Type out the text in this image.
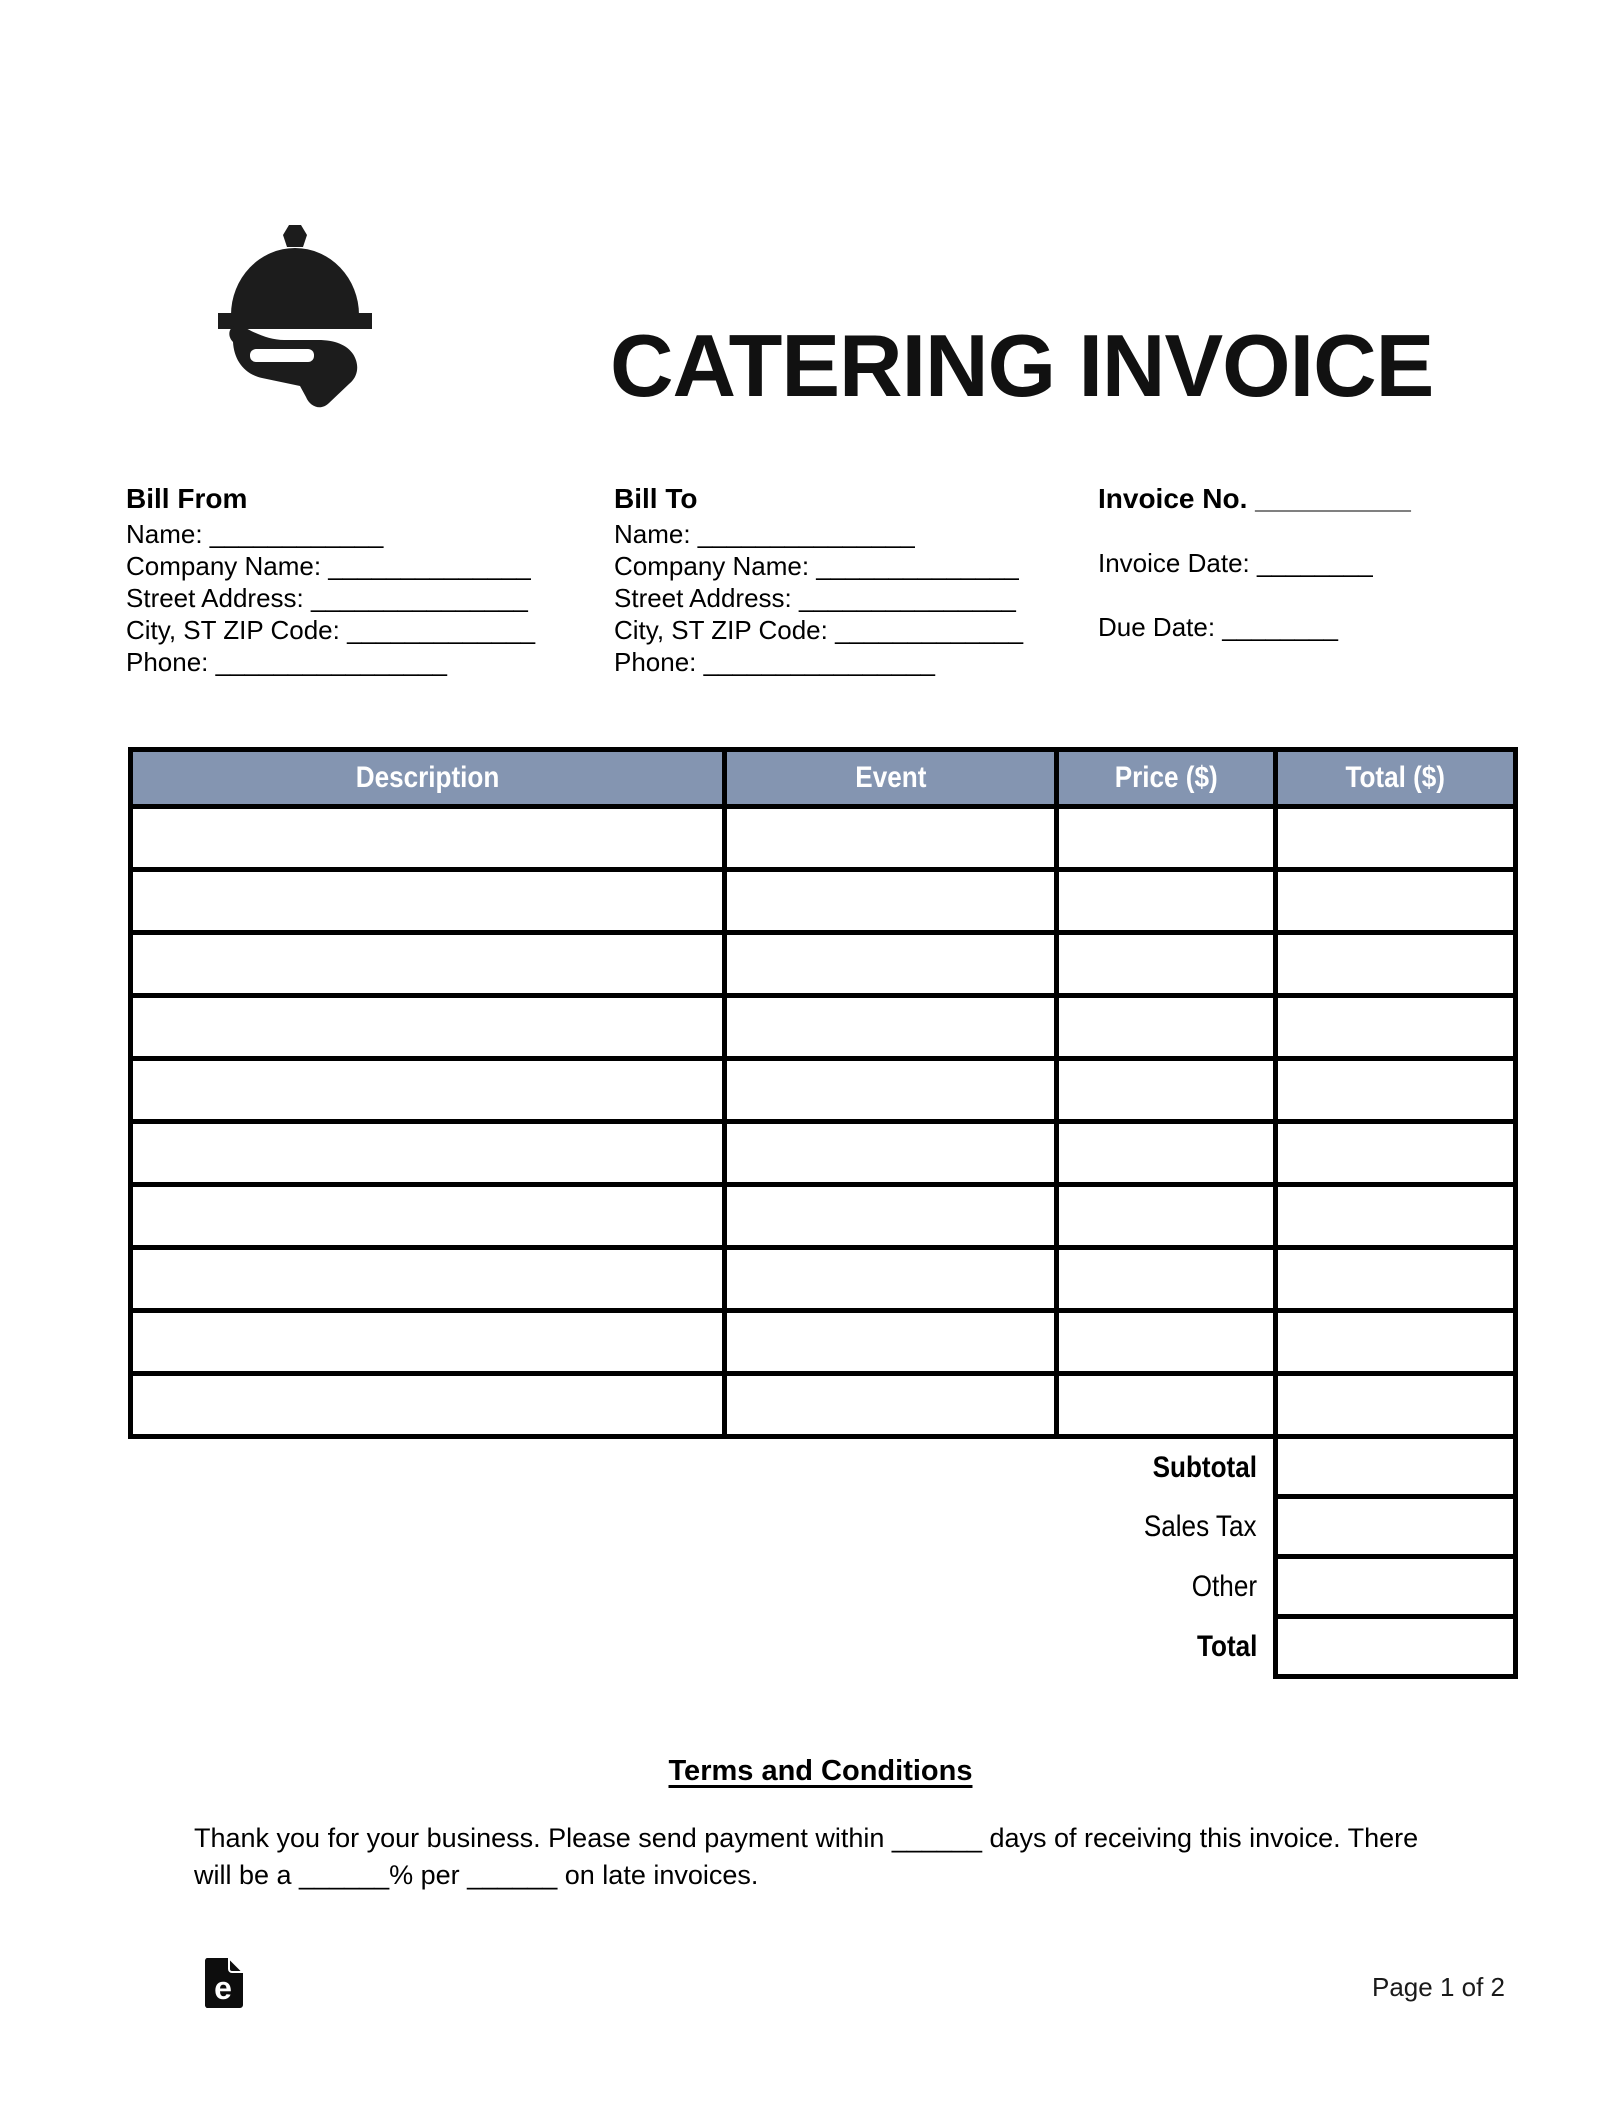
CATERING INVOICE
Bill From
Name: ____________
Company Name: ______________
Street Address: _______________
City, ST ZIP Code: _____________
Phone: ________________
Bill To
Name: _______________
Company Name: ______________
Street Address: _______________
City, ST ZIP Code: _____________
Phone: ________________
Invoice No. __________
Invoice Date: ________
Due Date: ________
Description	Event	Price ($)	Total ($)

Subtotal			
Sales Tax			
Other			
Total			
Terms and Conditions
Thank you for your business. Please send payment within ______ days of receiving this invoice. There will be a ______% per ______ on late invoices.
e	Page 1 of 2
